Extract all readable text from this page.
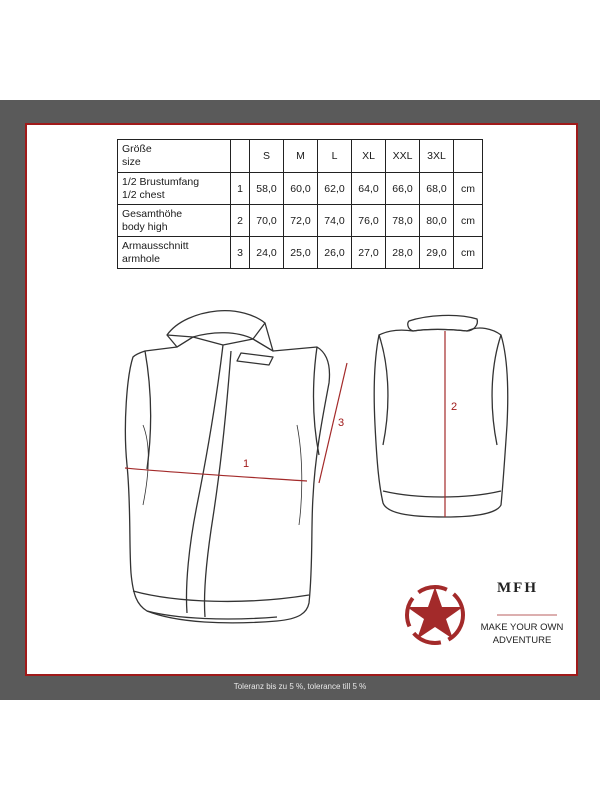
Größe
size		S	M	L	XL	XXL	3XL	
1/2 Brustumfang
1/2 chest	1	58,0	60,0	62,0	64,0	66,0	68,0	cm
Gesamthöhe
body high	2	70,0	72,0	74,0	76,0	78,0	80,0	cm
Armausschnitt
armhole	3	24,0	25,0	26,0	27,0	28,0	29,0	cm
1
2
3
MFH
MAKE YOUR OWN
ADVENTURE
Toleranz bis zu 5 %, tolerance till 5 %
